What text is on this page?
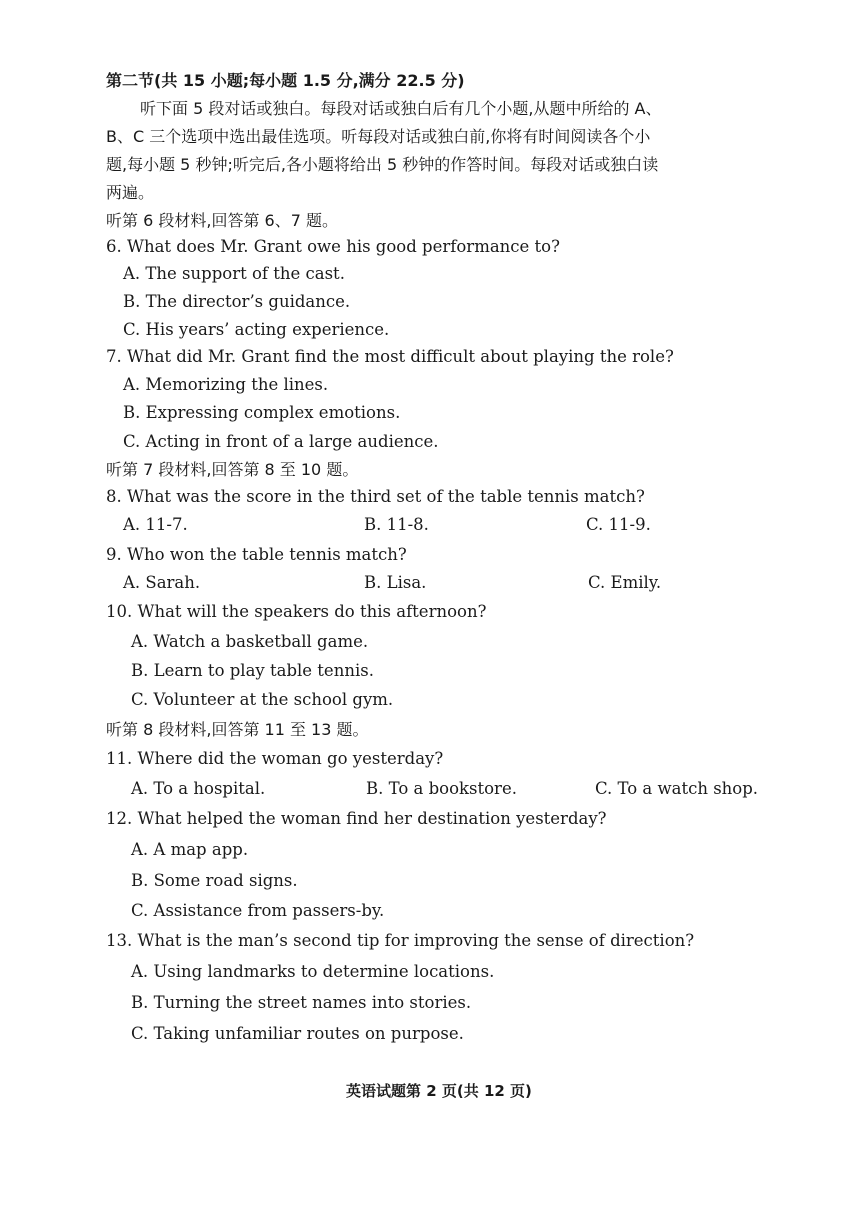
第二节(共 15 小题;每小题 1.5 分,满分 22.5 分)
听下面 5 段对话或独白。每段对话或独白后有几个小题,从题中所给的 A、
B、C 三个选项中选出最佳选项。听每段对话或独白前,你将有时间阅读各个小
题,每小题 5 秒钟;听完后,各小题将给出 5 秒钟的作答时间。每段对话或独白读
两遍。
听第 6 段材料,回答第 6、7 题。
6. What does Mr. Grant owe his good performance to?
A. The support of the cast.
B. The director’s guidance.
C. His years’ acting experience.
7. What did Mr. Grant find the most difficult about playing the role?
A. Memorizing the lines.
B. Expressing complex emotions.
C. Acting in front of a large audience.
听第 7 段材料,回答第 8 至 10 题。
8. What was the score in the third set of the table tennis match?
A. 11-7.	B. 11-8.	C. 11-9.
9. Who won the table tennis match?
A. Sarah.	B. Lisa.	C. Emily.
10. What will the speakers do this afternoon?
A. Watch a basketball game.
B. Learn to play table tennis.
C. Volunteer at the school gym.
听第 8 段材料,回答第 11 至 13 题。
11. Where did the woman go yesterday?
A. To a hospital.	B. To a bookstore.	C. To a watch shop.
12. What helped the woman find her destination yesterday?
A. A map app.
B. Some road signs.
C. Assistance from passers-by.
13. What is the man’s second tip for improving the sense of direction?
A. Using landmarks to determine locations.
B. Turning the street names into stories.
C. Taking unfamiliar routes on purpose.
英语试题第 2 页(共 12 页)
